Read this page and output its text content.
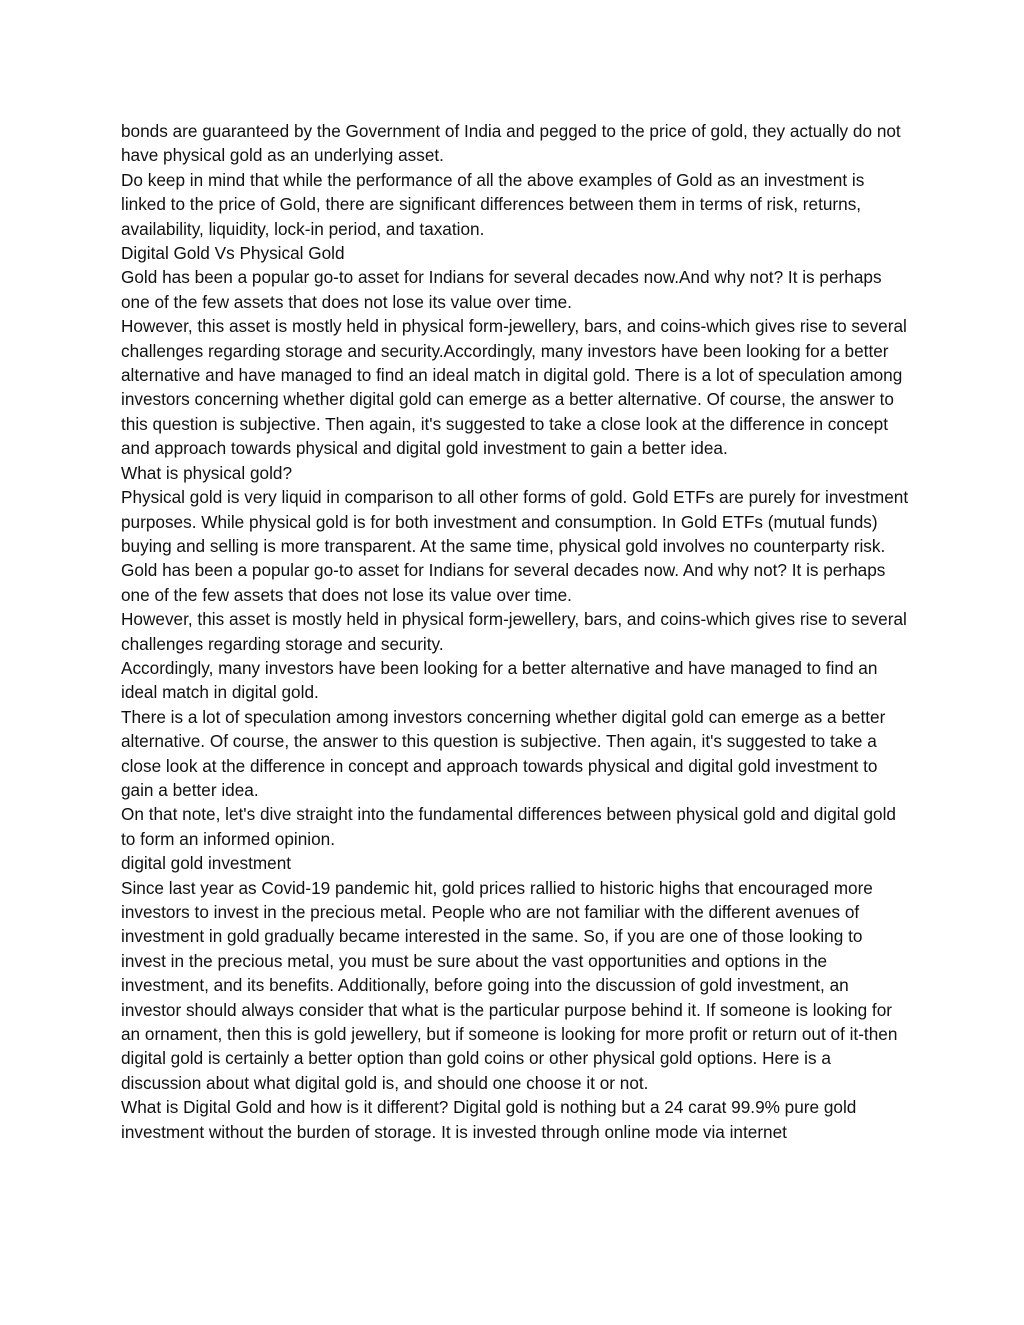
bonds are guaranteed by the Government of India and pegged to the price of gold, they actually do not have physical gold as an underlying asset.

Do keep in mind that while the performance of all the above examples of Gold as an investment is linked to the price of Gold, there are significant differences between them in terms of risk, returns, availability, liquidity, lock-in period, and taxation.

Digital Gold Vs Physical Gold

Gold has been a popular go-to asset for Indians for several decades now.And why not? It is perhaps one of the few assets that does not lose its value over time.

However, this asset is mostly held in physical form-jewellery, bars, and coins-which gives rise to several challenges regarding storage and security.Accordingly, many investors have been looking for a better alternative and have managed to find an ideal match in digital gold. There is a lot of speculation among investors concerning whether digital gold can emerge as a better alternative. Of course, the answer to this question is subjective. Then again, it's suggested to take a close look at the difference in concept and approach towards physical and digital gold investment to gain a better idea.

What is physical gold?

Physical gold is very liquid in comparison to all other forms of gold. Gold ETFs are purely for investment purposes. While physical gold is for both investment and consumption. In Gold ETFs (mutual funds) buying and selling is more transparent. At the same time, physical gold involves no counterparty risk. Gold has been a popular go-to asset for Indians for several decades now. And why not? It is perhaps one of the few assets that does not lose its value over time.

However, this asset is mostly held in physical form-jewellery, bars, and coins-which gives rise to several challenges regarding storage and security.

Accordingly, many investors have been looking for a better alternative and have managed to find an ideal match in digital gold.

There is a lot of speculation among investors concerning whether digital gold can emerge as a better alternative. Of course, the answer to this question is subjective. Then again, it's suggested to take a close look at the difference in concept and approach towards physical and digital gold investment to gain a better idea.

On that note, let's dive straight into the fundamental differences between physical gold and digital gold to form an informed opinion.

digital gold investment

Since last year as Covid-19 pandemic hit, gold prices rallied to historic highs that encouraged more investors to invest in the precious metal. People who are not familiar with the different avenues of investment in gold gradually became interested in the same. So, if you are one of those looking to invest in the precious metal, you must be sure about the vast opportunities and options in the investment, and its benefits. Additionally, before going into the discussion of gold investment, an investor should always consider that what is the particular purpose behind it. If someone is looking for an ornament, then this is gold jewellery, but if someone is looking for more profit or return out of it-then digital gold is certainly a better option than gold coins or other physical gold options. Here is a discussion about what digital gold is, and should one choose it or not.

What is Digital Gold and how is it different? Digital gold is nothing but a 24 carat 99.9% pure gold investment without the burden of storage. It is invested through online mode via internet
